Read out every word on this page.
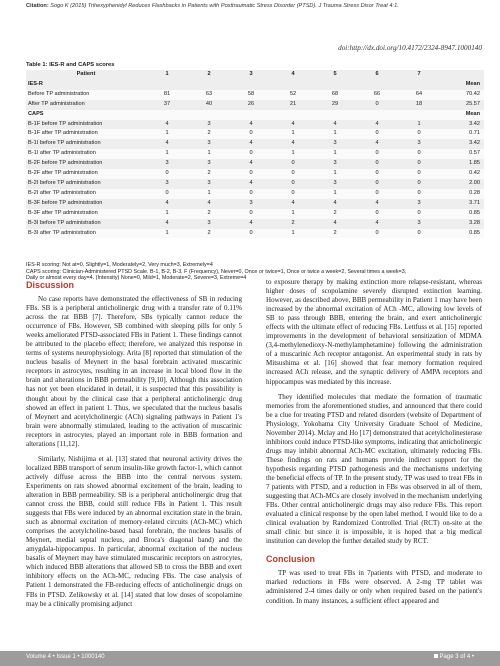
Citation: Sogo K (2015) Trihexyphenidyl Reduces Flashbacks in Patients with Posttraumatic Stress Disorder (PTSD). J Trauma Stress Disor Treat 4:1.
doi:http://dx.doi.org/10.4172/2324-8947.1000140
Table 1: IES-R and CAPS scores
Patient	1	2	3	4	5	6	7	
IES-R								Mean
Before TP administration	81	63	58	52	68	66	64	70.42
After TP administration	37	40	26	21	29	0	18	25.57
CAPS								Mean
B-1F before TP administration	4	3	4	4	4	4	1	3.42
B-1F after TP administration	1	2	0	1	1	0	0	0.71
B-1I before TP administration	4	3	4	4	3	4	3	3.42
B-1I after TP administration	1	1	0	1	1	0	0	0.57
B-2F before TP administration	3	3	4	0	3	0	0	1.85
B-2F after TP administration	0	2	0	0	1	0	0	0.42
B-2I before TP administration	3	3	4	0	3	0	0	2.00
B-2I after TP administration	0	1	0	0	1	0	0	0.28
B-3F before TP administration	4	4	3	4	4	4	3	3.71
B-3F after TP administration	1	2	0	1	2	0	0	0.85
B-3I before TP administration	4	3	4	2	4	4	3	3.28
B-3I after TP administration	1	2	0	1	2	0	0	0.85

IES-R scoring: Not at=0, Slightly=1, Moderately=2, Very much=3, Extremely=4

CAPS scoring: Clinician-Administered PTSD Scale. B-1, B-2, B-3, F (Frequency), Never=0, Once or twice=1, Once or twice a week=2, Several times a week=3,

Daily or almost every day=4. (Intensity) None=0, Mild=1, Moderate=2, Severe=3, Extreme=4

Discussion

No case reports have demonstrated the effectiveness of SB in reducing FBs. SB is a peripheral anticholinergic drug with a transfer rate of 0.11% across the rat BBB [7]. Therefore, SBs typically cannot reduce the occurrence of FBs. However, SB combined with sleeping pills for only 5 weeks ameliorated PTSD-associated FBs in Patient 1. These findings cannot be attributed to the placebo effect; therefore, we analyzed this response in terms of systems neurophysiology. Arita [8] reported that stimulation of the nucleus basalis of Meynert in the basal forebrain activated muscarinic receptors in astrocytes, resulting in an increase in local blood flow in the brain and alterations in BBB permeability [9,10]. Although this association has not yet been elucidated in detail, it is suspected that this possibility is thought about by the clinical case that a peripheral anticholinergic drug showed an effect in patient 1. Thus, we speculated that the nucleus basalis of Meynert and acetylcholinergic (ACh) signaling pathways in Patient 1's brain were abnormally stimulated, leading to the activation of muscarinic receptors in astrocytes, played an important role in BBB formation and alterations [11,12].

Similarly, Nishijima et al. [13] stated that neuronal activity drives the localized BBB transport of serum insulin-like growth factor-1, which cannot actively diffuse across the BBB into the central nervous system. Experiments on rats showed abnormal excitement of the brain, leading to alteration in BBB permeability. SB is a peripheral anticholinergic drug that cannot cross the BBB, could still reduce FBs in Patient 1. This result suggests that FBs were induced by an abnormal excitation state in the brain, such as abnormal excitation of memory-related circuits (ACh-MC) which comprises the acetylcholine-based basal forebrain, the nucleus basalis of Meynert, medial septal nucleus, and Broca's diagonal band) and the amygdala-hippocampus. In particular, abnormal excitation of the nucleus basalis of Meynert may have stimulated muscarinic receptors on astrocytes, which induced BBB alterations that allowed SB to cross the BBB and exert inhibitory effects on the ACh-MC, reducing FBs. The case analysis of Patient 1 demonstrated the FB-reducing effects of anticholinergic drugs on FBs in PTSD. Zelikowsky et al. [14] stated that low doses of scopolamine may be a clinically promising adjunct

to exposure therapy by making extinction more relapse-resistant, whereas higher doses of scopolamine severely disrupted extinction learning. However, as described above, BBB permeability in Patient 1 may have been increased by the abnormal excitation of ACh -MC, allowing low levels of SB to pass through BBB, entering the brain, and exert anticholinergic effects with the ultimate effect of reducing FBs. Lettfuss et al. [15] reported improvements in the development of behavioral sensitization of MDMA (3,4-methylenedioxy-N-methylamphetamine) following the administration of a muscarinic Ach receptor antagonist. An experimental study in rats by Mitsushima et al. [16] showed that fear memory formation required increased ACh release, and the synaptic delivery of AMPA receptors and hippocampus was mediated by this increase.

They identified molecules that mediate the formation of traumatic memories from the aforementioned studies, and announced that there could be a clue for treating PTSD and related disorders (website of Department of Physiology, Yokohama City University Graduate School of Medicine, November 2014). Mclay and Ho [17] demonstrated that acetylcholinesterase inhibitors could induce PTSD-like symptoms, indicating that anticholinergic drugs may inhibit abnormal ACh-MC excitation, ultimately reducing FBs. These findings on rats and humans provide indirect support for the hypothesis regarding PTSD pathogenesis and the mechanisms underlying the beneficial effects of TP. In the present study, TP was used to treat FBs in 7 patients with PTSD, and a reduction in FBs was observed in all of them, suggesting that ACh-MCs are closely involved in the mechanism underlying FBs. Other central anticholinergic drugs may also reduce FBs. This report evaluated a clinical response by the open label method. I would like to do a clinical evaluation by Randomized Controlled Trial (RCT) on-site at the small clinic but since it is impossible, it is hoped that a big medical institution can develop the further detailed study by RCT.

Conclusion

TP was used to treat FBs in 7patients with PTSD, and moderate to marked reductions in FBs were observed. A 2-mg TP tablet was administered 2-4 times daily or only when required based on the patient's condition. In many instances, a sufficient effect appeared and

Volume 4 • Issue 1 • 1000140	Page 3 of 4 •
